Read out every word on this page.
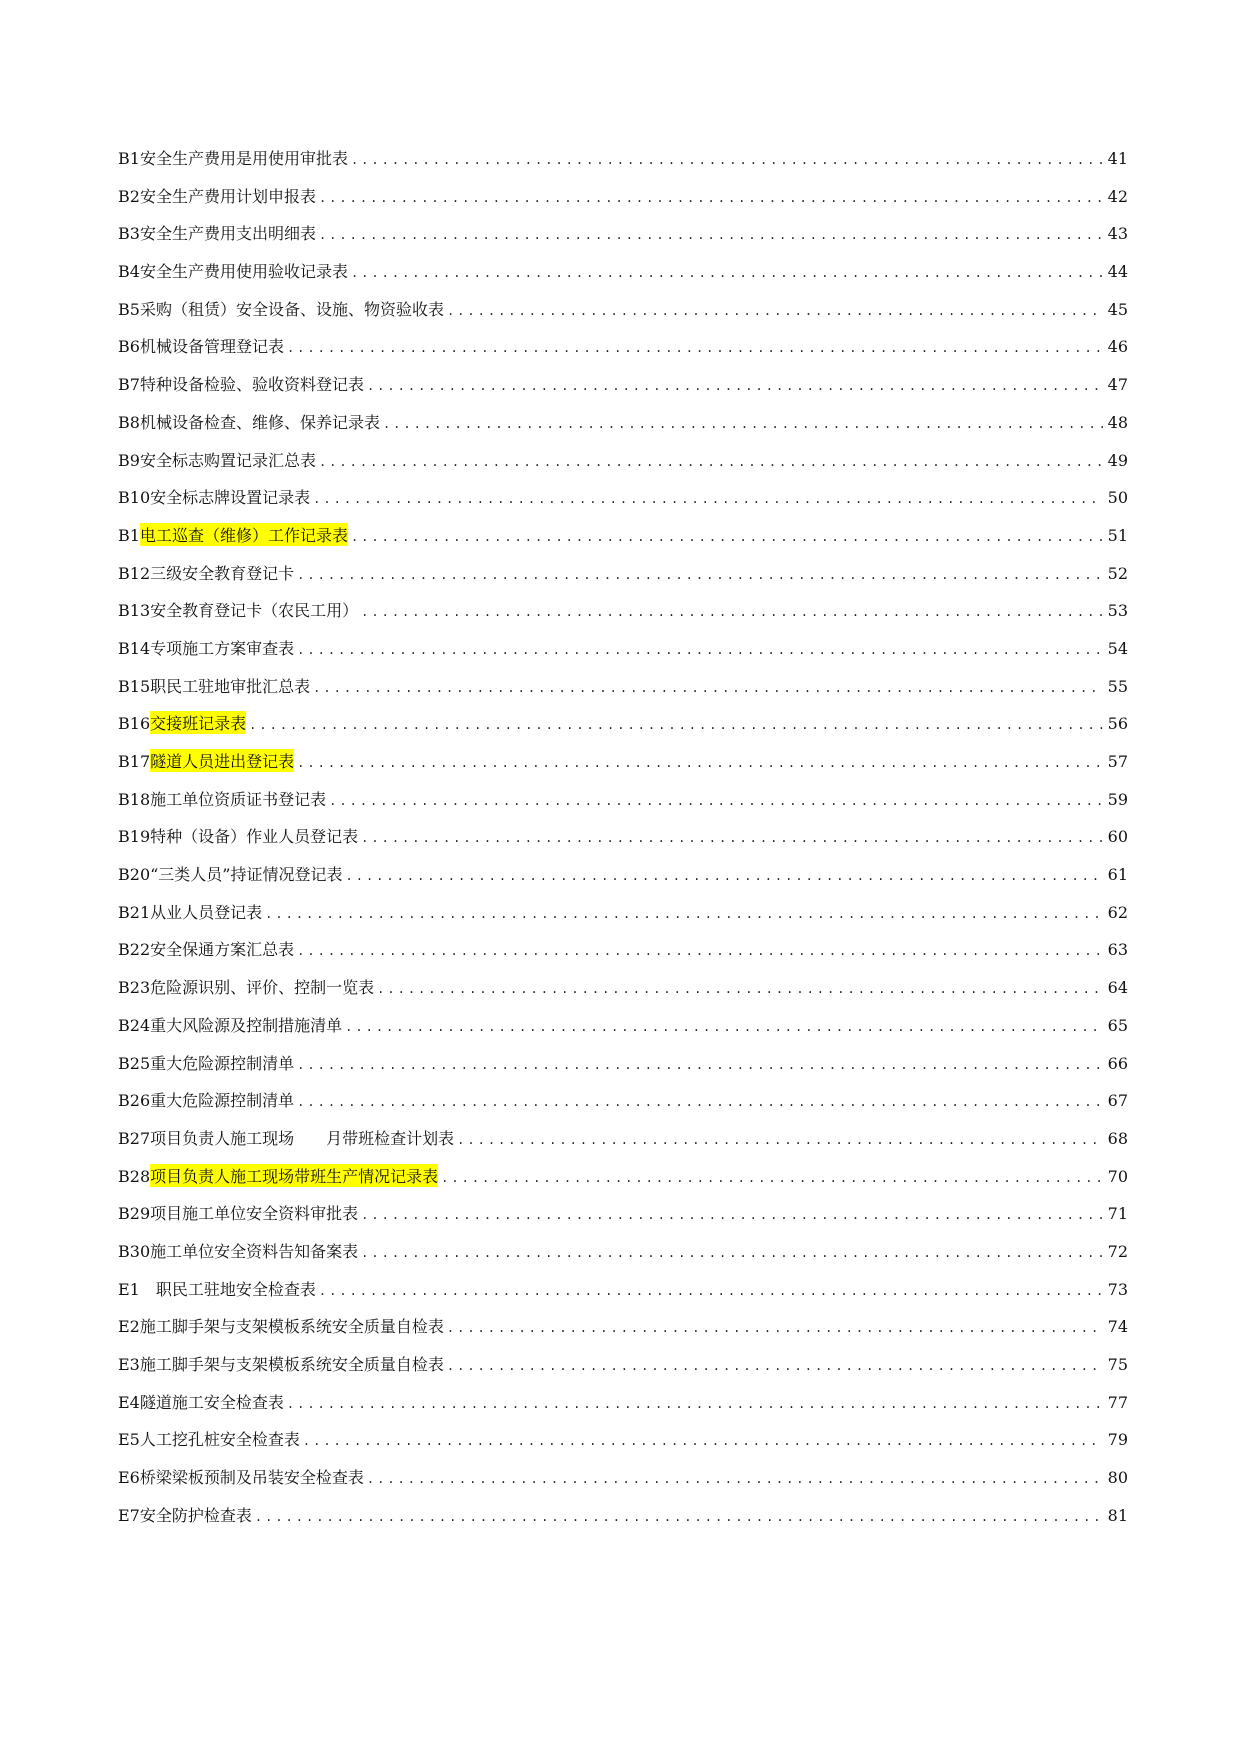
B1 安全生产费用是用使用审批表 .....	41
B2 安全生产费用计划申报表 .....	42
B3 安全生产费用支出明细表 .....	43
B4 安全生产费用使用验收记录表 .....	44
B5 采购（租赁）安全设备、设施、物资验收表 .....	45
B6 机械设备管理登记表 .....	46
B7 特种设备检验、验收资料登记表 .....	47
B8 机械设备检查、维修、保养记录表 .....	48
B9 安全标志购置记录汇总表 .....	49
B10 安全标志牌设置记录表 .....	50
B1 电工巡查（维修）工作记录表 .....	51
B12 三级安全教育登记卡 .....	52
B13 安全教育登记卡（农民工用） .....	53
B14 专项施工方案审查表 .....	54
B15 职民工驻地审批汇总表 .....	55
B16 交接班记录表 .....	56
B17 隧道人员进出登记表 .....	57
B18 施工单位资质证书登记表 .....	59
B19 特种（设备）作业人员登记表 .....	60
B20 “三类人员”持证情况登记表 .....	61
B21 从业人员登记表 .....	62
B22 安全保通方案汇总表 .....	63
B23 危险源识别、评价、控制一览表 .....	64
B24 重大风险源及控制措施清单 .....	65
B25 重大危险源控制清单 .....	66
B26 重大危险源控制清单 .....	67
B27 项目负责人施工现场　　月带班检查计划表 .....	68
B28 项目负责人施工现场带班生产情况记录表 .....	70
B29 项目施工单位安全资料审批表 .....	71
B30 施工单位安全资料告知备案表 .....	72
E1　 职民工驻地安全检查表 .....	73
E2 施工脚手架与支架模板系统安全质量自检表 .....	74
E3 施工脚手架与支架模板系统安全质量自检表 .....	75
E4 隧道施工安全检查表 .....	77
E5 人工挖孔桩安全检查表 .....	79
E6 桥梁梁板预制及吊装安全检查表 .....	80
E7 安全防护检查表 .....	81
